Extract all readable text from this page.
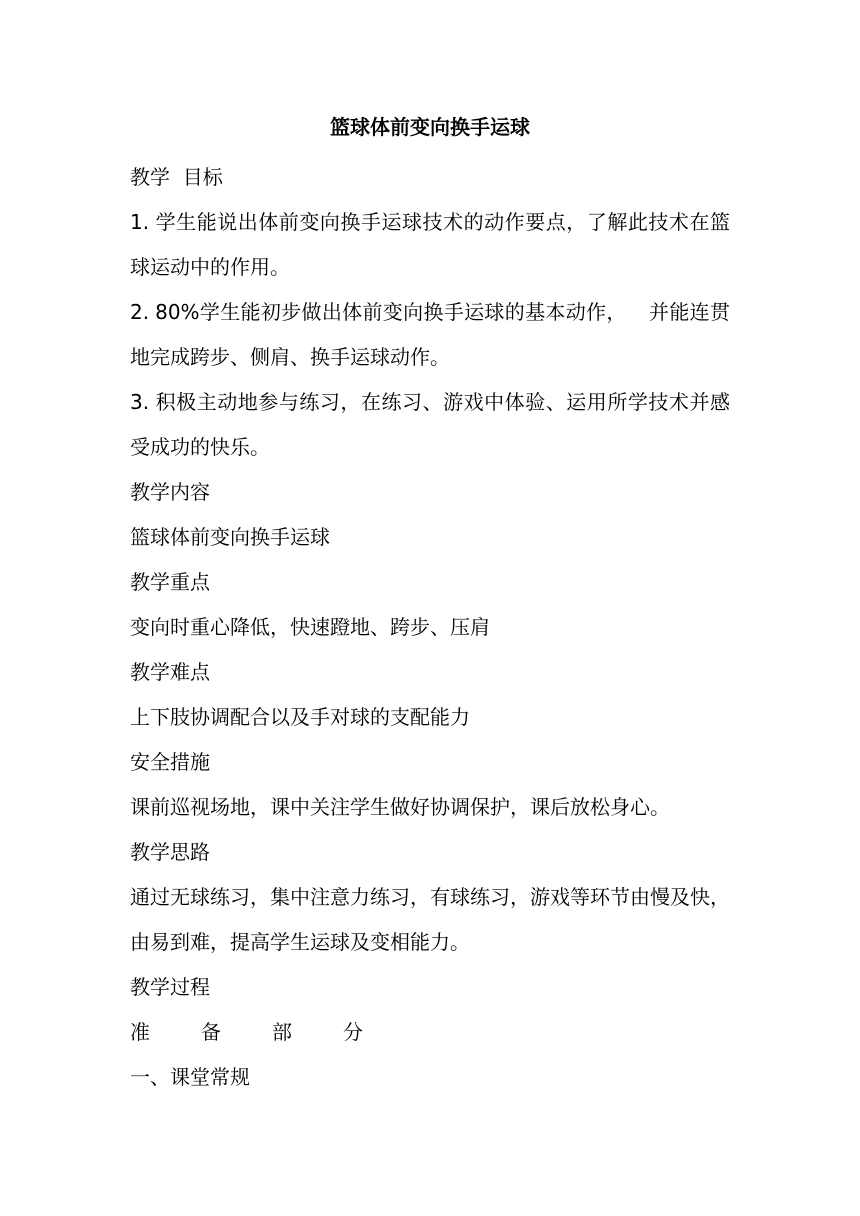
篮球体前变向换手运球

教学  目标

1. 学生能说出体前变向换手运球技术的动作要点，了解此技术在篮球运动中的作用。

2. 80%学生能初步做出体前变向换手运球的基本动作， 并能连贯地完成跨步、侧肩、换手运球动作。

3. 积极主动地参与练习，在练习、游戏中体验、运用所学技术并感受成功的快乐。

教学内容

篮球体前变向换手运球

教学重点

变向时重心降低，快速蹬地、跨步、压肩

教学难点

上下肢协调配合以及手对球的支配能力

安全措施

课前巡视场地，课中关注学生做好协调保护，课后放松身心。

教学思路

通过无球练习，集中注意力练习，有球练习，游戏等环节由慢及快，由易到难，提高学生运球及变相能力。

教学过程

准	备	部	分

一、课堂常规
